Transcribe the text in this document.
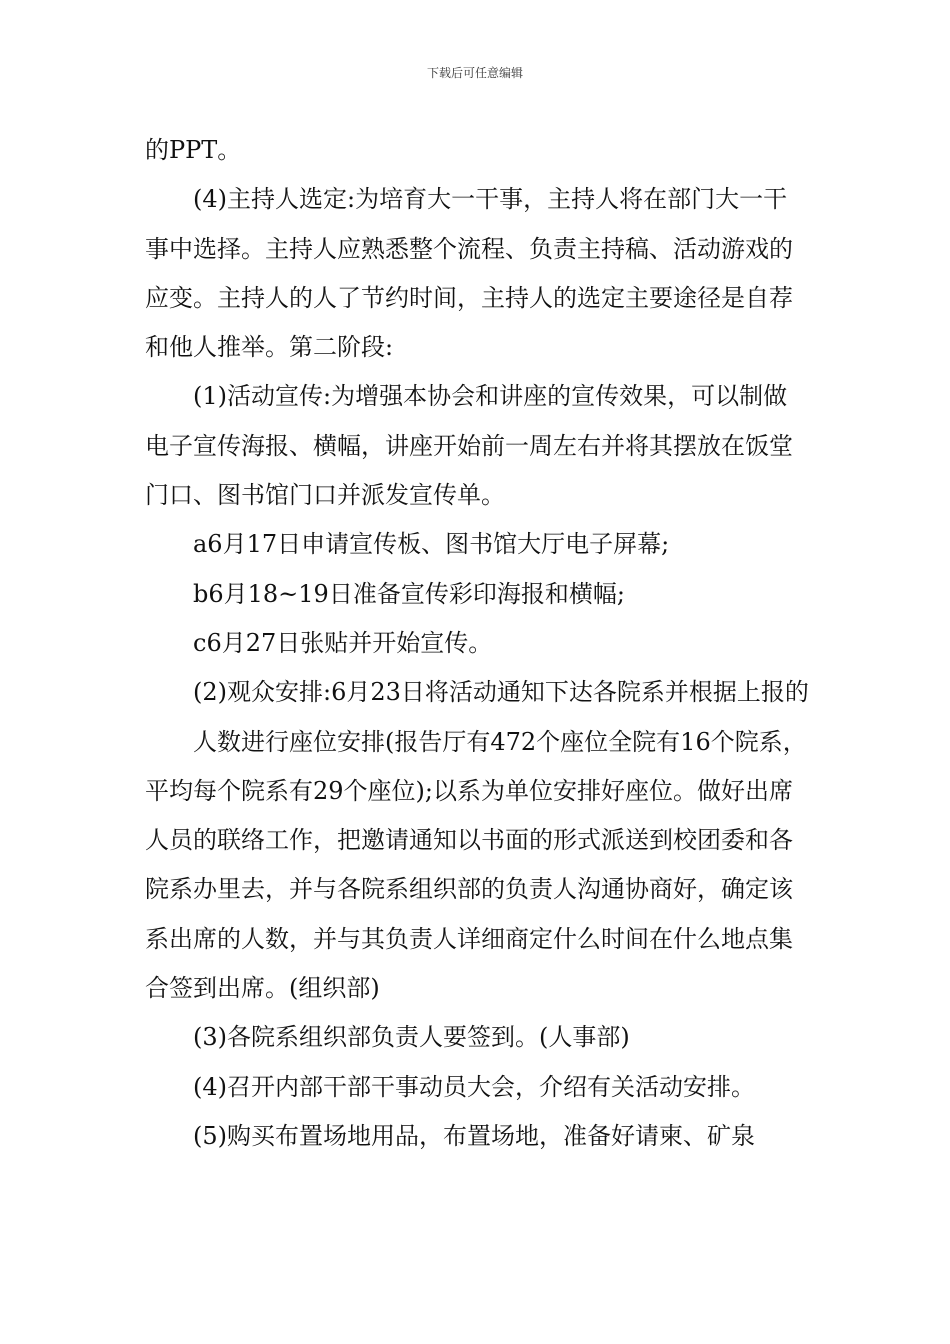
下载后可任意编辑

的PPT。

(4)主持人选定:为培育大一干事，主持人将在部门大一干事中选择。主持人应熟悉整个流程、负责主持稿、活动游戏的应变。主持人的人了节约时间，主持人的选定主要途径是自荐和他人推举。第二阶段:

(1)活动宣传:为增强本协会和讲座的宣传效果，可以制做电子宣传海报、横幅，讲座开始前一周左右并将其摆放在饭堂门口、图书馆门口并派发宣传单。

a6月17日申请宣传板、图书馆大厅电子屏幕;

b6月18~19日准备宣传彩印海报和横幅;

c6月27日张贴并开始宣传。

(2)观众安排:6月23日将活动通知下达各院系并根据上报的

人数进行座位安排(报告厅有472个座位全院有16个院系，平均每个院系有29个座位);以系为单位安排好座位。做好出席人员的联络工作，把邀请通知以书面的形式派送到校团委和各院系办里去，并与各院系组织部的负责人沟通协商好，确定该系出席的人数，并与其负责人详细商定什么时间在什么地点集合签到出席。(组织部)

(3)各院系组织部负责人要签到。(人事部)

(4)召开内部干部干事动员大会，介绍有关活动安排。

(5)购买布置场地用品，布置场地，准备好请柬、矿泉
